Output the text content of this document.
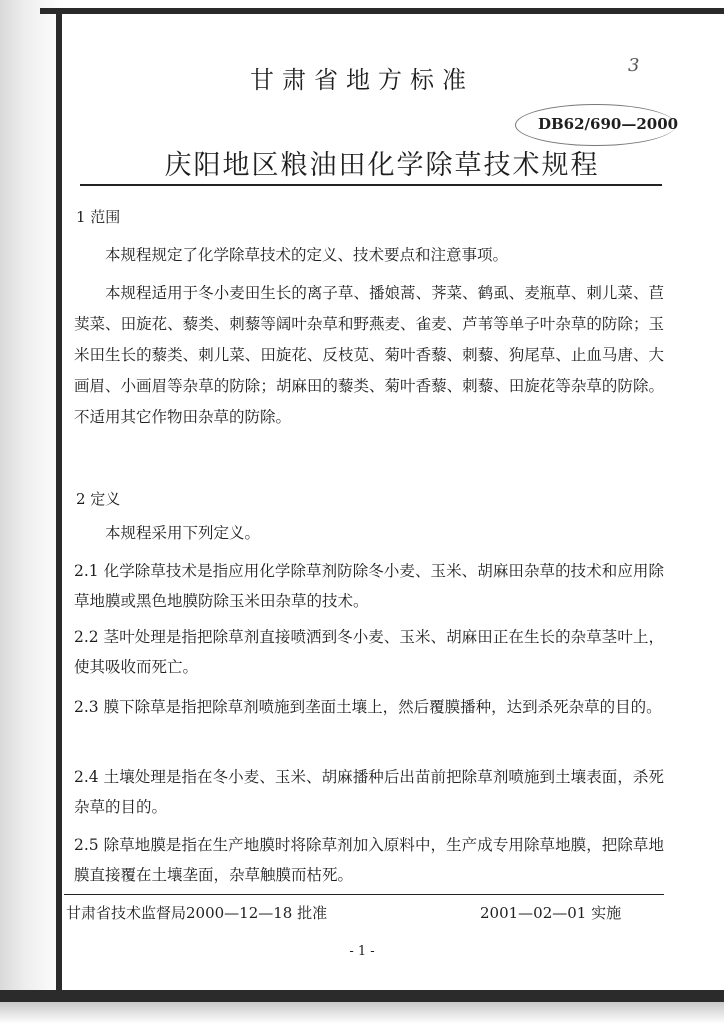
甘肃省地方标准
3
DB62/690—2000
庆阳地区粮油田化学除草技术规程
1 范围
本规程规定了化学除草技术的定义、技术要点和注意事项。
本规程适用于冬小麦田生长的离子草、播娘蒿、荠菜、鹤虱、麦瓶草、刺儿菜、苣荬菜、田旋花、藜类、刺藜等阔叶杂草和野燕麦、雀麦、芦苇等单子叶杂草的防除；玉米田生长的藜类、刺儿菜、田旋花、反枝苋、菊叶香藜、刺藜、狗尾草、止血马唐、大画眉、小画眉等杂草的防除；胡麻田的藜类、菊叶香藜、刺藜、田旋花等杂草的防除。不适用其它作物田杂草的防除。
2 定义
本规程采用下列定义。
2.1 化学除草技术是指应用化学除草剂防除冬小麦、玉米、胡麻田杂草的技术和应用除草地膜或黑色地膜防除玉米田杂草的技术。
2.2 茎叶处理是指把除草剂直接喷洒到冬小麦、玉米、胡麻田正在生长的杂草茎叶上，使其吸收而死亡。
2.3 膜下除草是指把除草剂喷施到垄面土壤上，然后覆膜播种，达到杀死杂草的目的。
2.4 土壤处理是指在冬小麦、玉米、胡麻播种后出苗前把除草剂喷施到土壤表面，杀死杂草的目的。
2.5 除草地膜是指在生产地膜时将除草剂加入原料中，生产成专用除草地膜，把除草地膜直接覆在土壤垄面，杂草触膜而枯死。
甘肃省技术监督局2000—12—18 批准	2001—02—01 实施
- 1 -
